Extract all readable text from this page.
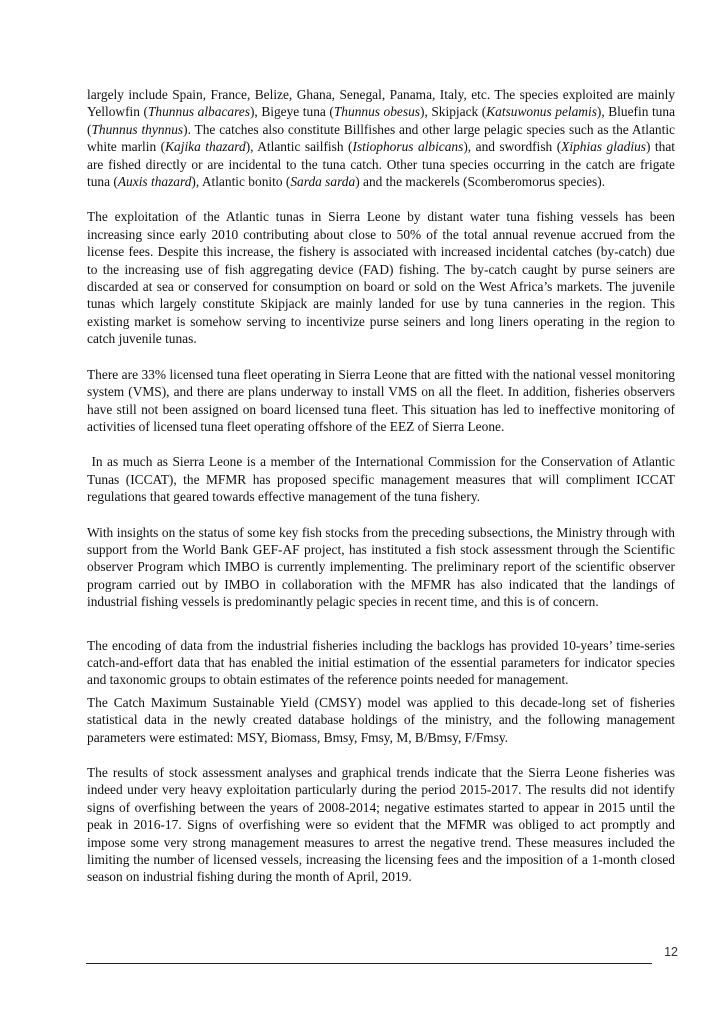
largely include Spain, France, Belize, Ghana, Senegal, Panama, Italy, etc. The species exploited are mainly Yellowfin (Thunnus albacares), Bigeye tuna (Thunnus obesus), Skipjack (Katsuwonus pelamis), Bluefin tuna (Thunnus thynnus). The catches also constitute Billfishes and other large pelagic species such as the Atlantic white marlin (Kajika thazard), Atlantic sailfish (Istiophorus albicans), and swordfish (Xiphias gladius) that are fished directly or are incidental to the tuna catch. Other tuna species occurring in the catch are frigate tuna (Auxis thazard), Atlantic bonito (Sarda sarda) and the mackerels (Scomberomorus species).

The exploitation of the Atlantic tunas in Sierra Leone by distant water tuna fishing vessels has been increasing since early 2010 contributing about close to 50% of the total annual revenue accrued from the license fees. Despite this increase, the fishery is associated with increased incidental catches (by-catch) due to the increasing use of fish aggregating device (FAD) fishing. The by-catch caught by purse seiners are discarded at sea or conserved for consumption on board or sold on the West Africa’s markets. The juvenile tunas which largely constitute Skipjack are mainly landed for use by tuna canneries in the region. This existing market is somehow serving to incentivize purse seiners and long liners operating in the region to catch juvenile tunas.

There are 33% licensed tuna fleet operating in Sierra Leone that are fitted with the national vessel monitoring system (VMS), and there are plans underway to install VMS on all the fleet. In addition, fisheries observers have still not been assigned on board licensed tuna fleet. This situation has led to ineffective monitoring of activities of licensed tuna fleet operating offshore of the EEZ of Sierra Leone.

In as much as Sierra Leone is a member of the International Commission for the Conservation of Atlantic Tunas (ICCAT), the MFMR has proposed specific management measures that will compliment ICCAT regulations that geared towards effective management of the tuna fishery.

With insights on the status of some key fish stocks from the preceding subsections, the Ministry through with support from the World Bank GEF-AF project, has instituted a fish stock assessment through the Scientific observer Program which IMBO is currently implementing. The preliminary report of the scientific observer program carried out by IMBO in collaboration with the MFMR has also indicated that the landings of industrial fishing vessels is predominantly pelagic species in recent time, and this is of concern.

The encoding of data from the industrial fisheries including the backlogs has provided 10-years’ time-series catch-and-effort data that has enabled the initial estimation of the essential parameters for indicator species and taxonomic groups to obtain estimates of the reference points needed for management.

The Catch Maximum Sustainable Yield (CMSY) model was applied to this decade-long set of fisheries statistical data in the newly created database holdings of the ministry, and the following management parameters were estimated: MSY, Biomass, Bmsy, Fmsy, M, B/Bmsy, F/Fmsy.

The results of stock assessment analyses and graphical trends indicate that the Sierra Leone fisheries was indeed under very heavy exploitation particularly during the period 2015-2017. The results did not identify signs of overfishing between the years of 2008-2014; negative estimates started to appear in 2015 until the peak in 2016-17. Signs of overfishing were so evident that the MFMR was obliged to act promptly and impose some very strong management measures to arrest the negative trend. These measures included the limiting the number of licensed vessels, increasing the licensing fees and the imposition of a 1-month closed season on industrial fishing during the month of April, 2019.

12
